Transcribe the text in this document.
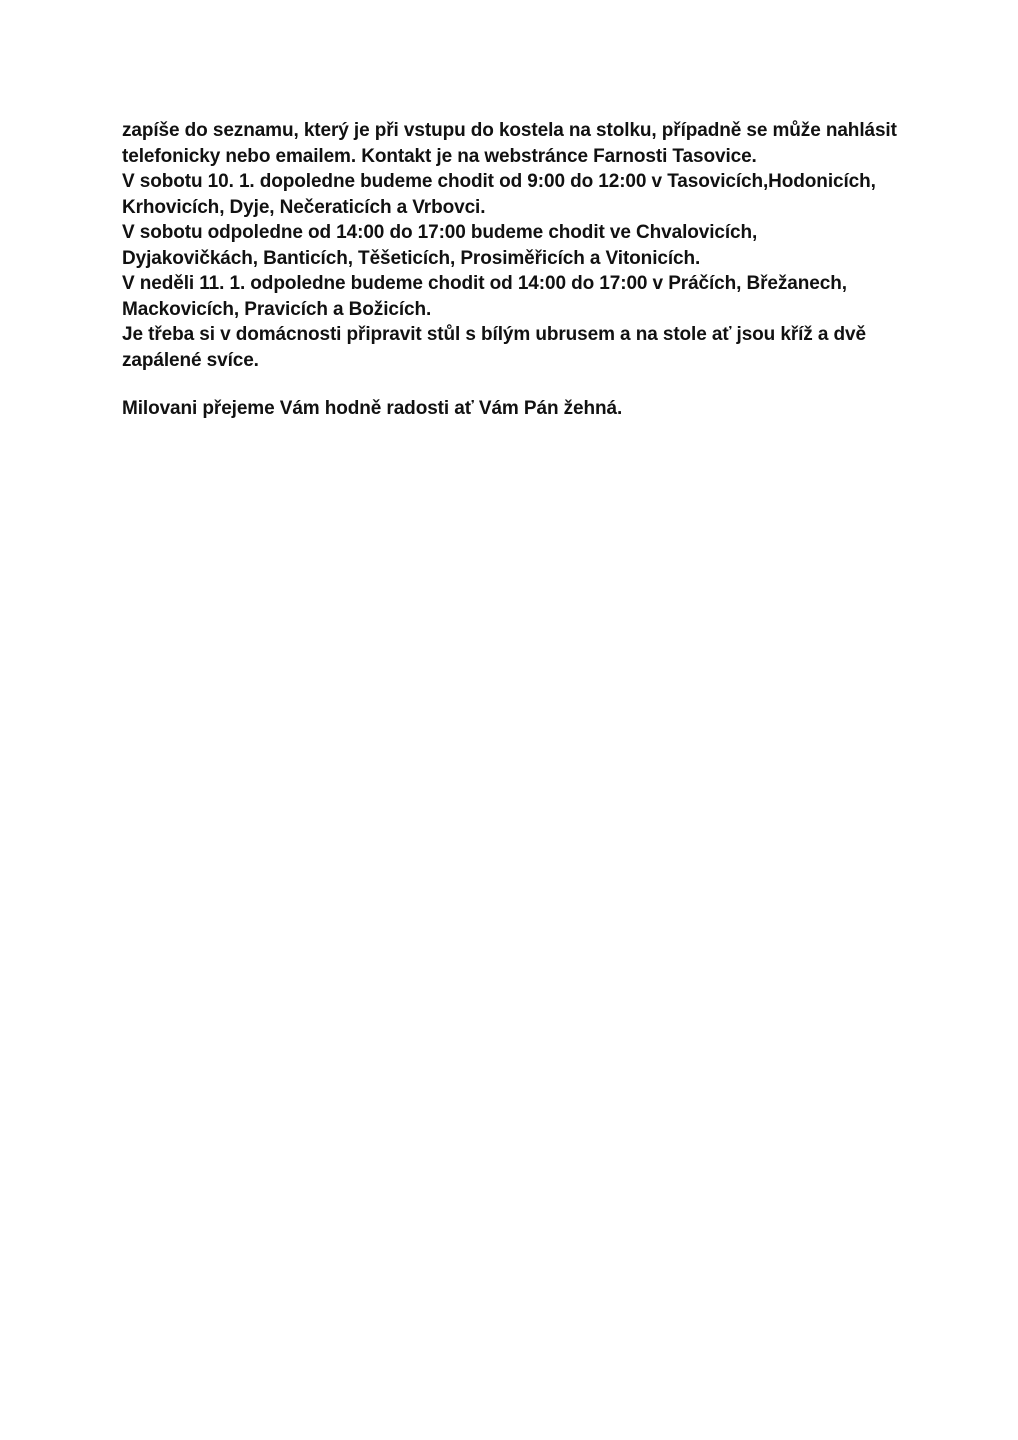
zapíše do seznamu, který je při vstupu do kostela na stolku, případně se může nahlásit
telefonicky nebo emailem. Kontakt je na webstránce Farnosti Tasovice.
V sobotu 10. 1. dopoledne budeme chodit od 9:00 do 12:00 v Tasovicích,Hodonicích,
Krhovicích, Dyje, Nečeraticích a Vrbovci.
V sobotu odpoledne od 14:00 do 17:00 budeme chodit ve Chvalovicích,
Dyjakovičkách, Banticích, Těšeticích, Prosiměřicích a Vitonicích.
V neděli 11. 1. odpoledne budeme chodit od 14:00 do 17:00 v Práčích, Břežanech,
Mackovicích, Pravicích a Božicích.
Je třeba si v domácnosti připravit stůl s bílým ubrusem a na stole ať jsou kříž a dvě
zapálené svíce.
Milovani přejeme Vám hodně radosti ať Vám Pán žehná.
